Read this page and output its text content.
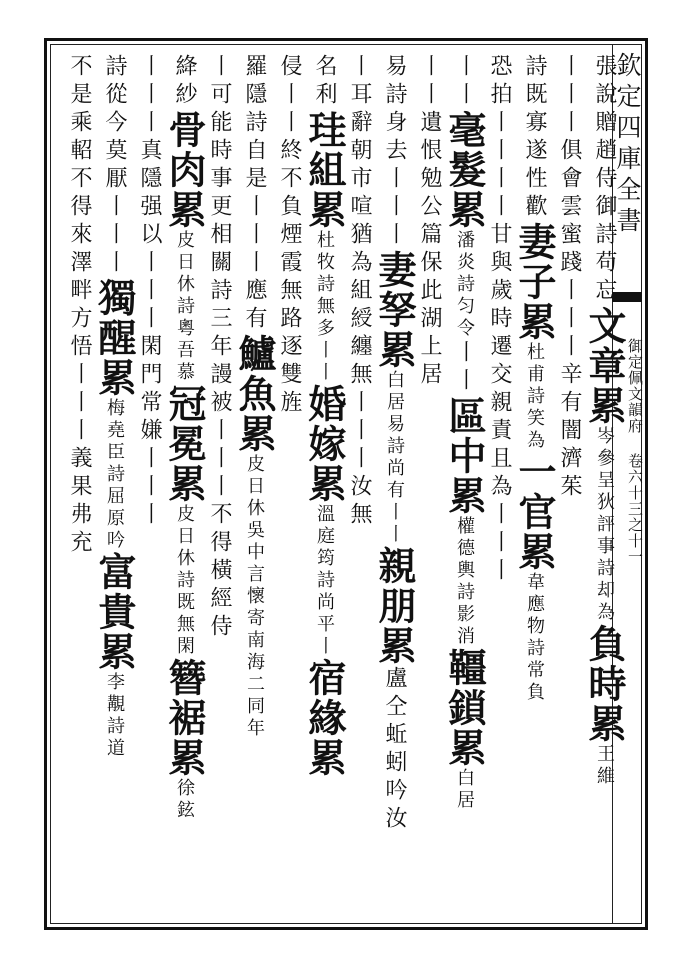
欽定四庫全書
御定佩文韻府 卷六十三之十一
張說贈趙侍御詩苟忘文章累岑參呈狄評事詩却為負時累王維
丨丨丨俱會雲蜜踐丨丨丨辛有闇濟茱
詩既寡遂性歡妻子累杜甫詩笑為一官累韋應物詩常負
恐拍丨丨丨丨甘與歲時遷交親責且為丨丨丨
丨丨毫髮累潘炎詩匀令丨丨區中累權德輿詩影消韁鎖累白居
丨丨遺恨勉公篇保此湖上居
易詩身去丨丨丨妻孥累白居易詩尚有丨丨親朋累盧仝蚯蚓吟汝
丨耳辭朝市喧猶為組綬纏無丨丨丨汝無
名利珪組累杜牧詩無多丨丨婚嫁累溫庭筠詩尚平丨宿緣累
侵丨丨終不負煙霞無路逐雙旌
羅隱詩自是丨丨丨應有鱸魚累皮日休吳中言懷寄南海二同年
丨可能時事更相關詩三年謾被丨丨丨不得橫經侍
絳紗骨肉累皮日休詩粵吾慕冠冕累皮日休詩既無閑簪裾累徐鉉
丨丨丨真隱强以丨丨丨閑門常嫌丨丨丨
詩從今莫厭丨丨丨獨醒累梅堯臣詩屈原吟富貴累李覯詩道
不是乘軺不得來澤畔方悟丨丨丨義果弗充
